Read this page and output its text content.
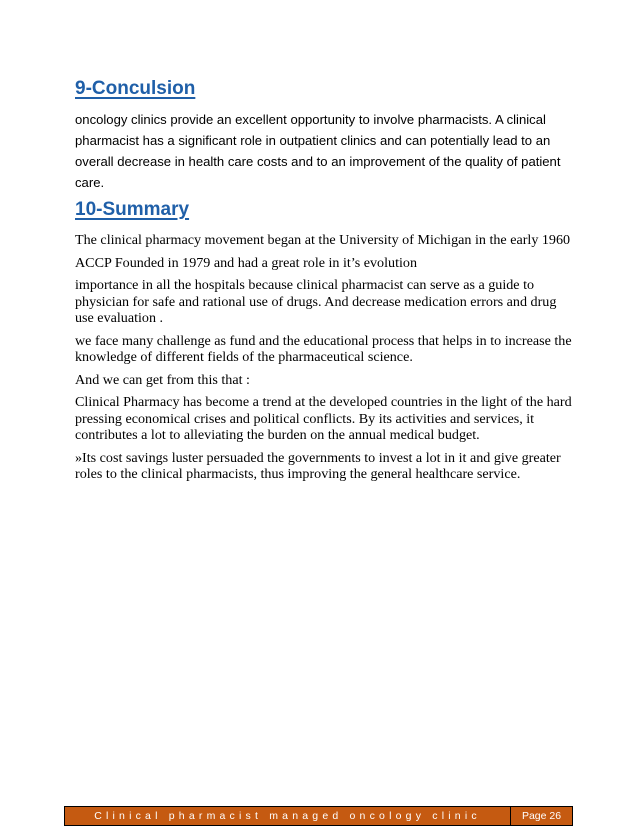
9-Conculsion
oncology clinics provide an excellent opportunity to involve pharmacists. A clinical pharmacist has a significant role in outpatient clinics and can potentially lead to an overall decrease in health care costs and to an improvement of the quality of patient care.
10-Summary

The clinical pharmacy movement began at the University of Michigan in the early 1960

ACCP Founded in 1979 and had a great role in it’s evolution

importance in all the hospitals because clinical pharmacist can serve as a guide to physician for safe and rational use of drugs. And decrease medication errors and drug use evaluation .

we face many challenge as fund and the educational process that helps in to increase the knowledge of different fields of the pharmaceutical science.

And we can get from this that :

Clinical Pharmacy has become a trend at the developed countries in the light of the hard pressing economical crises and political conflicts. By its activities and services, it contributes a lot to alleviating the burden on the annual medical budget.

»Its cost savings luster persuaded the governments to invest a lot in it and give greater roles to the clinical pharmacists, thus improving the general healthcare service.

Clinical pharmacist managed oncology clinic	Page 26
